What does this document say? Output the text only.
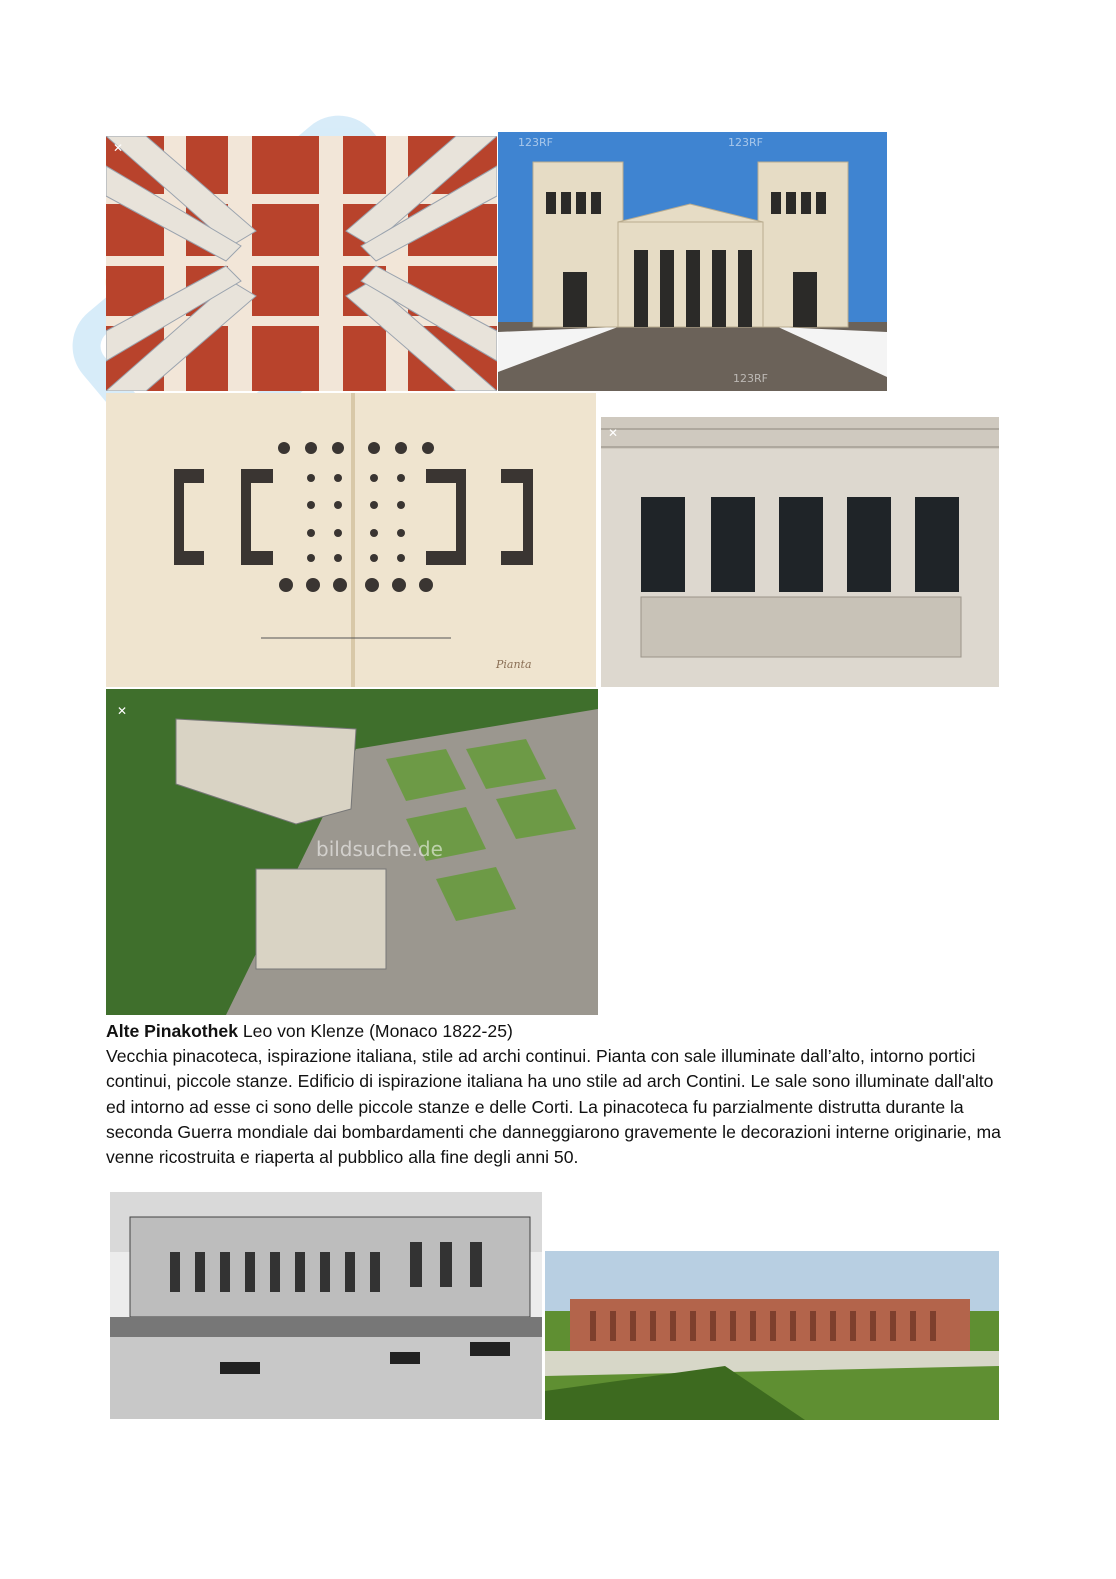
✕	123RF	123RF
123RF
Pianta
✕
✕
bildsuche.de
Alte Pinakothek Leo von Klenze (Monaco 1822-25)
Vecchia pinacoteca, ispirazione italiana, stile ad archi continui. Pianta con sale illuminate dall’alto, intorno portici continui, piccole stanze. Edificio di ispirazione italiana ha uno stile ad arch Contini. Le sale sono illuminate dall'alto ed intorno ad esse ci sono delle piccole stanze e delle Corti. La pinacoteca fu parzialmente distrutta durante la seconda Guerra mondiale dai bombardamenti che danneggiarono gravemente le decorazioni interne originarie, ma venne ricostruita e riaperta al pubblico alla fine degli anni 50.
